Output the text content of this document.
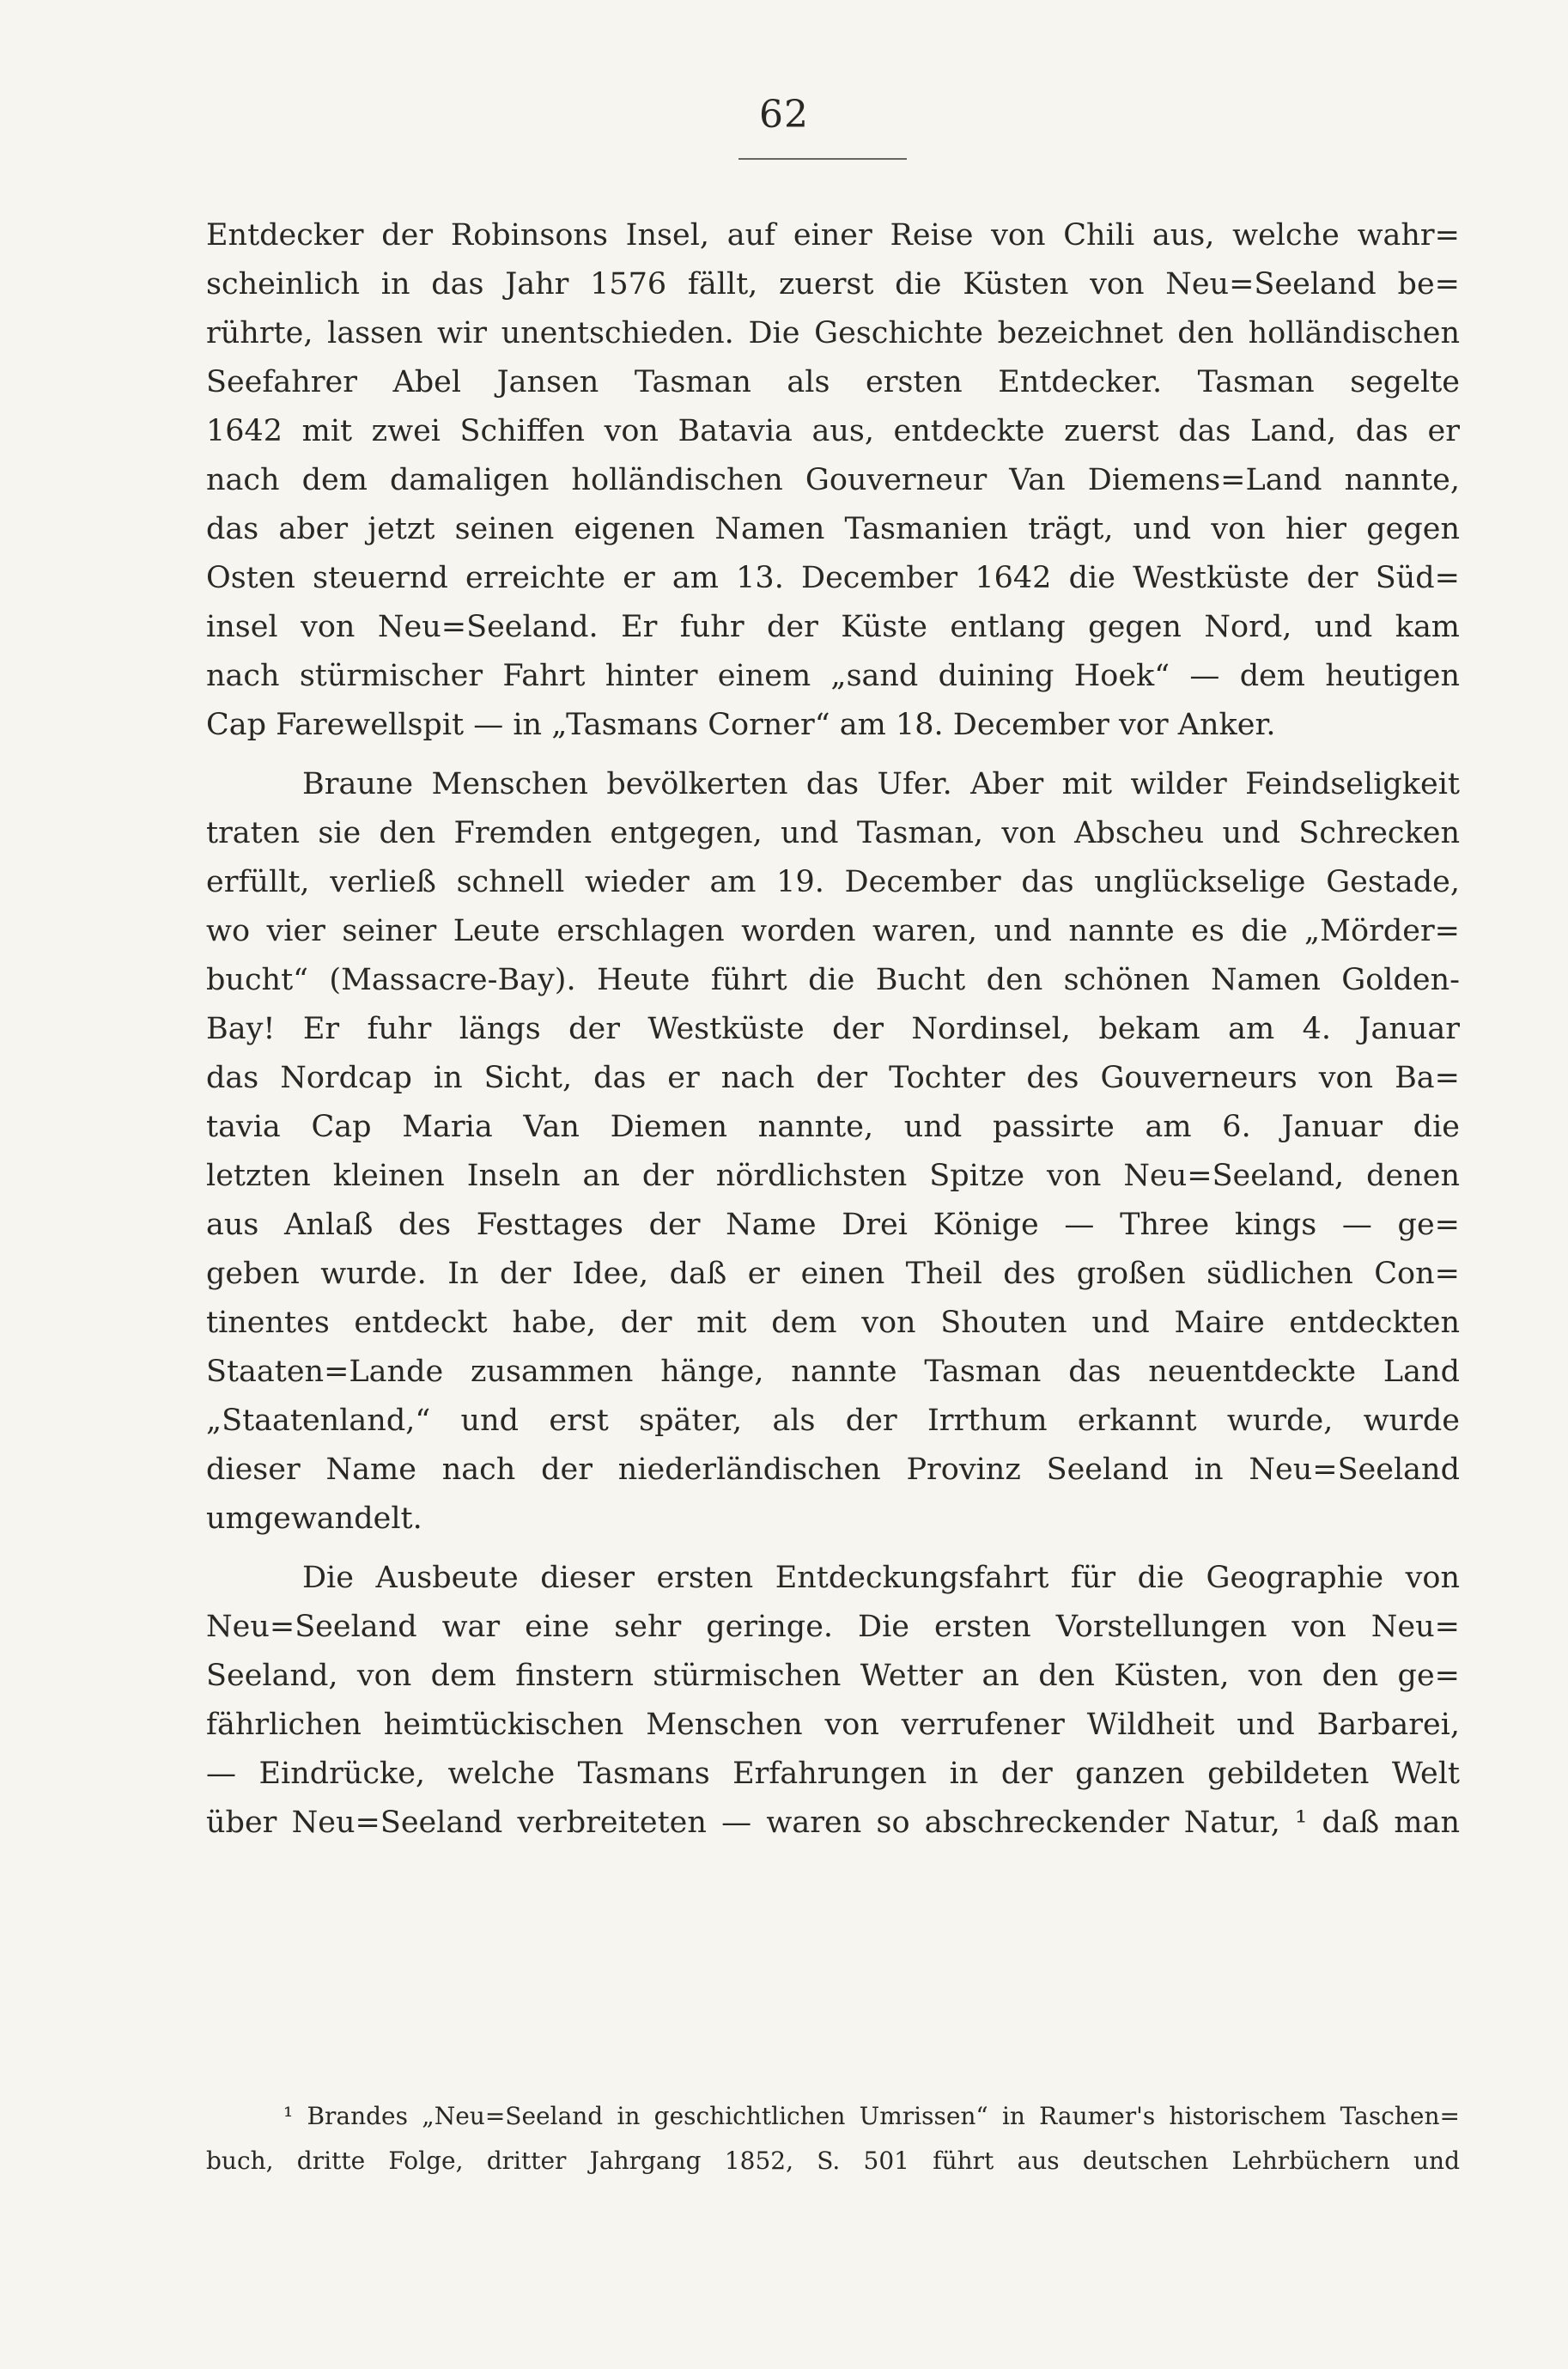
62
Entdecker der Robinsons Insel, auf einer Reise von Chili aus, welche wahr=
scheinlich in das Jahr 1576 fällt, zuerst die Küsten von Neu=Seeland be=
rührte, lassen wir unentschieden. Die Geschichte bezeichnet den holländischen
Seefahrer Abel Jansen Tasman als ersten Entdecker. Tasman segelte
1642 mit zwei Schiffen von Batavia aus, entdeckte zuerst das Land, das er
nach dem damaligen holländischen Gouverneur Van Diemens=Land nannte,
das aber jetzt seinen eigenen Namen Tasmanien trägt, und von hier gegen
Osten steuernd erreichte er am 13. December 1642 die Westküste der Süd=
insel von Neu=Seeland. Er fuhr der Küste entlang gegen Nord, und kam
nach stürmischer Fahrt hinter einem „sand duining Hoek“ — dem heutigen
Cap Farewellspit — in „Tasmans Corner“ am 18. December vor Anker.
Braune Menschen bevölkerten das Ufer. Aber mit wilder Feindseligkeit
traten sie den Fremden entgegen, und Tasman, von Abscheu und Schrecken
erfüllt, verließ schnell wieder am 19. December das unglückselige Gestade,
wo vier seiner Leute erschlagen worden waren, und nannte es die „Mörder=
bucht“ (Massacre-Bay). Heute führt die Bucht den schönen Namen Golden-
Bay! Er fuhr längs der Westküste der Nordinsel, bekam am 4. Januar
das Nordcap in Sicht, das er nach der Tochter des Gouverneurs von Ba=
tavia Cap Maria Van Diemen nannte, und passirte am 6. Januar die
letzten kleinen Inseln an der nördlichsten Spitze von Neu=Seeland, denen
aus Anlaß des Festtages der Name Drei Könige — Three kings — ge=
geben wurde. In der Idee, daß er einen Theil des großen südlichen Con=
tinentes entdeckt habe, der mit dem von Shouten und Maire entdeckten
Staaten=Lande zusammen hänge, nannte Tasman das neuentdeckte Land
„Staatenland,“ und erst später, als der Irrthum erkannt wurde, wurde
dieser Name nach der niederländischen Provinz Seeland in Neu=Seeland
umgewandelt.
Die Ausbeute dieser ersten Entdeckungsfahrt für die Geographie von
Neu=Seeland war eine sehr geringe. Die ersten Vorstellungen von Neu=
Seeland, von dem finstern stürmischen Wetter an den Küsten, von den ge=
fährlichen heimtückischen Menschen von verrufener Wildheit und Barbarei,
— Eindrücke, welche Tasmans Erfahrungen in der ganzen gebildeten Welt
über Neu=Seeland verbreiteten — waren so abschreckender Natur, ¹ daß man
¹ Brandes „Neu=Seeland in geschichtlichen Umrissen“ in Raumer's historischem Taschen=
buch, dritte Folge, dritter Jahrgang 1852, S. 501 führt aus deutschen Lehrbüchern und
